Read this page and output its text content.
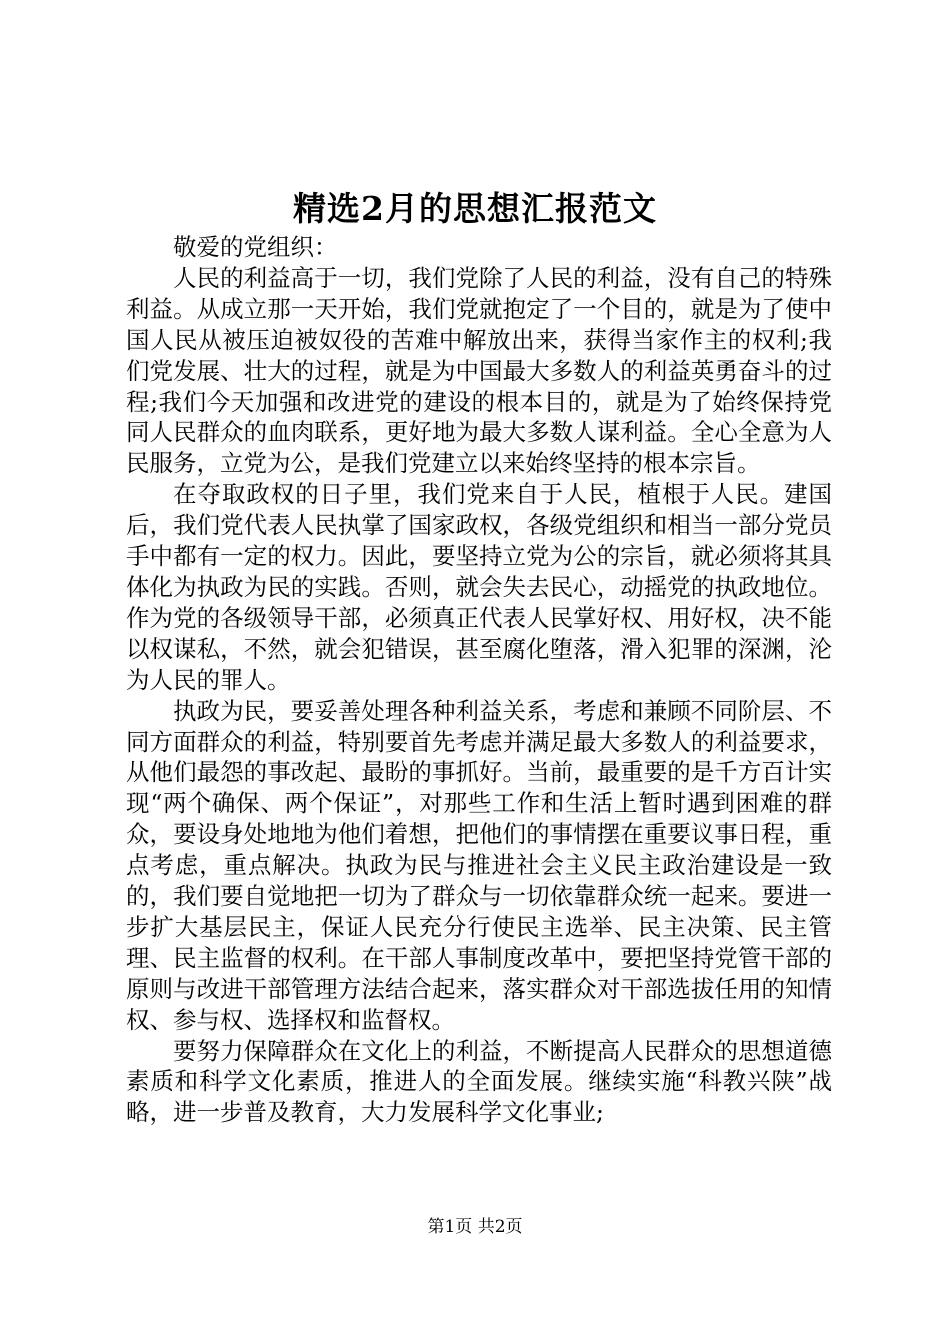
精选2月的思想汇报范文

敬爱的党组织：

人民的利益高于一切，我们党除了人民的利益，没有自己的特殊利益。从成立那一天开始，我们党就抱定了一个目的，就是为了使中国人民从被压迫被奴役的苦难中解放出来，获得当家作主的权利;我们党发展、壮大的过程，就是为中国最大多数人的利益英勇奋斗的过程;我们今天加强和改进党的建设的根本目的，就是为了始终保持党同人民群众的血肉联系，更好地为最大多数人谋利益。全心全意为人民服务，立党为公，是我们党建立以来始终坚持的根本宗旨。

在夺取政权的日子里，我们党来自于人民，植根于人民。建国后，我们党代表人民执掌了国家政权，各级党组织和相当一部分党员手中都有一定的权力。因此，要坚持立党为公的宗旨，就必须将其具体化为执政为民的实践。否则，就会失去民心，动摇党的执政地位。作为党的各级领导干部，必须真正代表人民掌好权、用好权，决不能以权谋私，不然，就会犯错误，甚至腐化堕落，滑入犯罪的深渊，沦为人民的罪人。

执政为民，要妥善处理各种利益关系，考虑和兼顾不同阶层、不同方面群众的利益，特别要首先考虑并满足最大多数人的利益要求，从他们最怨的事改起、最盼的事抓好。当前，最重要的是千方百计实现“两个确保、两个保证”，对那些工作和生活上暂时遇到困难的群众，要设身处地地为他们着想，把他们的事情摆在重要议事日程，重点考虑，重点解决。执政为民与推进社会主义民主政治建设是一致的，我们要自觉地把一切为了群众与一切依靠群众统一起来。要进一步扩大基层民主，保证人民充分行使民主选举、民主决策、民主管理、民主监督的权利。在干部人事制度改革中，要把坚持党管干部的原则与改进干部管理方法结合起来，落实群众对干部选拔任用的知情权、参与权、选择权和监督权。

要努力保障群众在文化上的利益，不断提高人民群众的思想道德素质和科学文化素质，推进人的全面发展。继续实施“科教兴陕”战略，进一步普及教育，大力发展科学文化事业;

第1页 共2页
